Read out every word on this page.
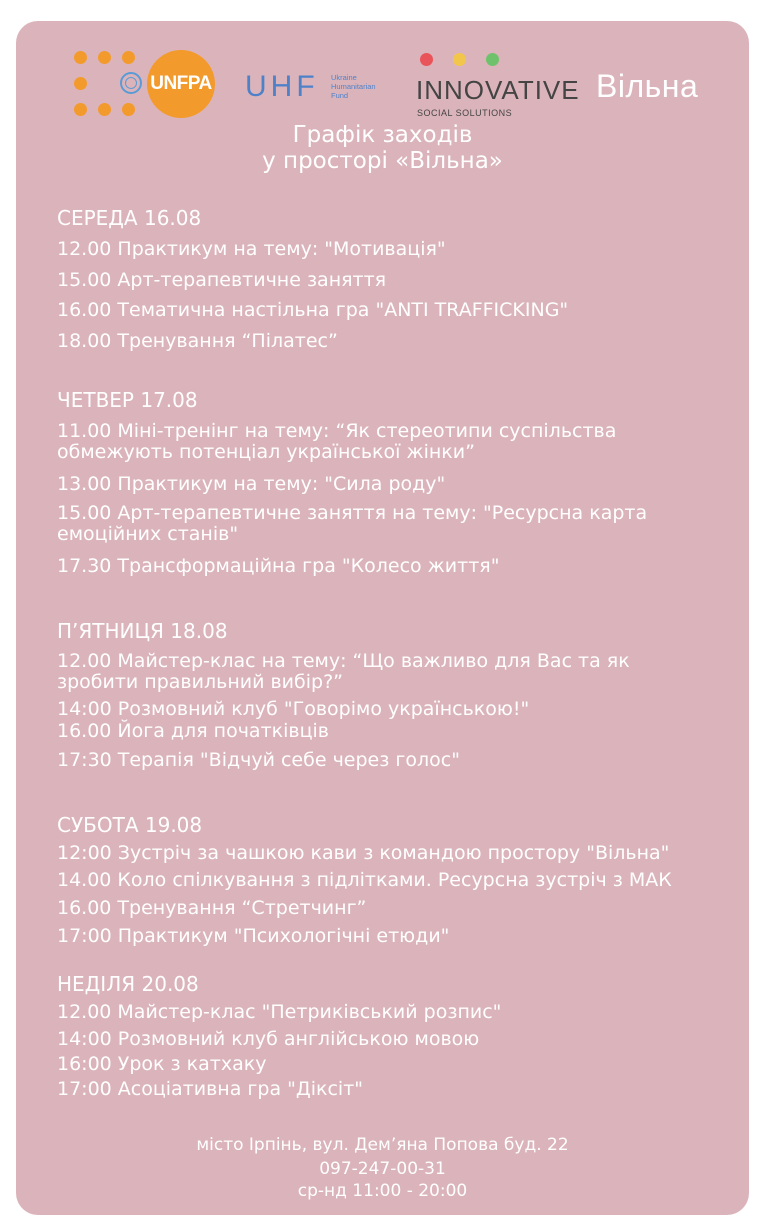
UNFPA UHF Ukraine
Humanitarian
Fund	INNOVATIVE
SOCIAL SOLUTIONS
Вільна
Графік заходів
у просторі «Вільна»
СЕРЕДА 16.08
12.00 Практикум на тему: "Мотивація"
15.00 Арт-терапевтичне заняття
16.00 Тематична настільна гра "ANTI TRAFFICKING"
18.00 Тренування “Пілатес”
ЧЕТВЕР 17.08
11.00 Міні-тренінг на тему: “Як стереотипи суспільства обмежують потенціал української жінки”
13.00 Практикум на тему: "Сила роду"
15.00 Арт-терапевтичне заняття на тему: "Ресурсна карта емоційних станів"
17.30 Трансформаційна гра "Колесо життя"
П’ЯТНИЦЯ 18.08
12.00 Майстер-клас на тему: “Що важливо для Вас та як зробити правильний вибір?”
14:00 Розмовний клуб "Говорімо українською!"
16.00 Йога для початківців
17:30 Терапія "Відчуй себе через голос"
СУБОТА 19.08
12:00 Зустріч за чашкою кави з командою простору "Вільна"
14.00 Коло спілкування з підлітками. Ресурсна зустріч з МАК
16.00 Тренування “Стретчинг”
17:00 Практикум "Психологічні етюди"
НЕДІЛЯ 20.08
12.00 Майстер-клас "Петриківський розпис"
14:00 Розмовний клуб англійською мовою
16:00 Урок з катхаку
17:00 Асоціативна гра "Діксіт"
місто Ірпінь, вул. Дем’яна Попова буд. 22
097-247-00-31
ср-нд 11:00 - 20:00
